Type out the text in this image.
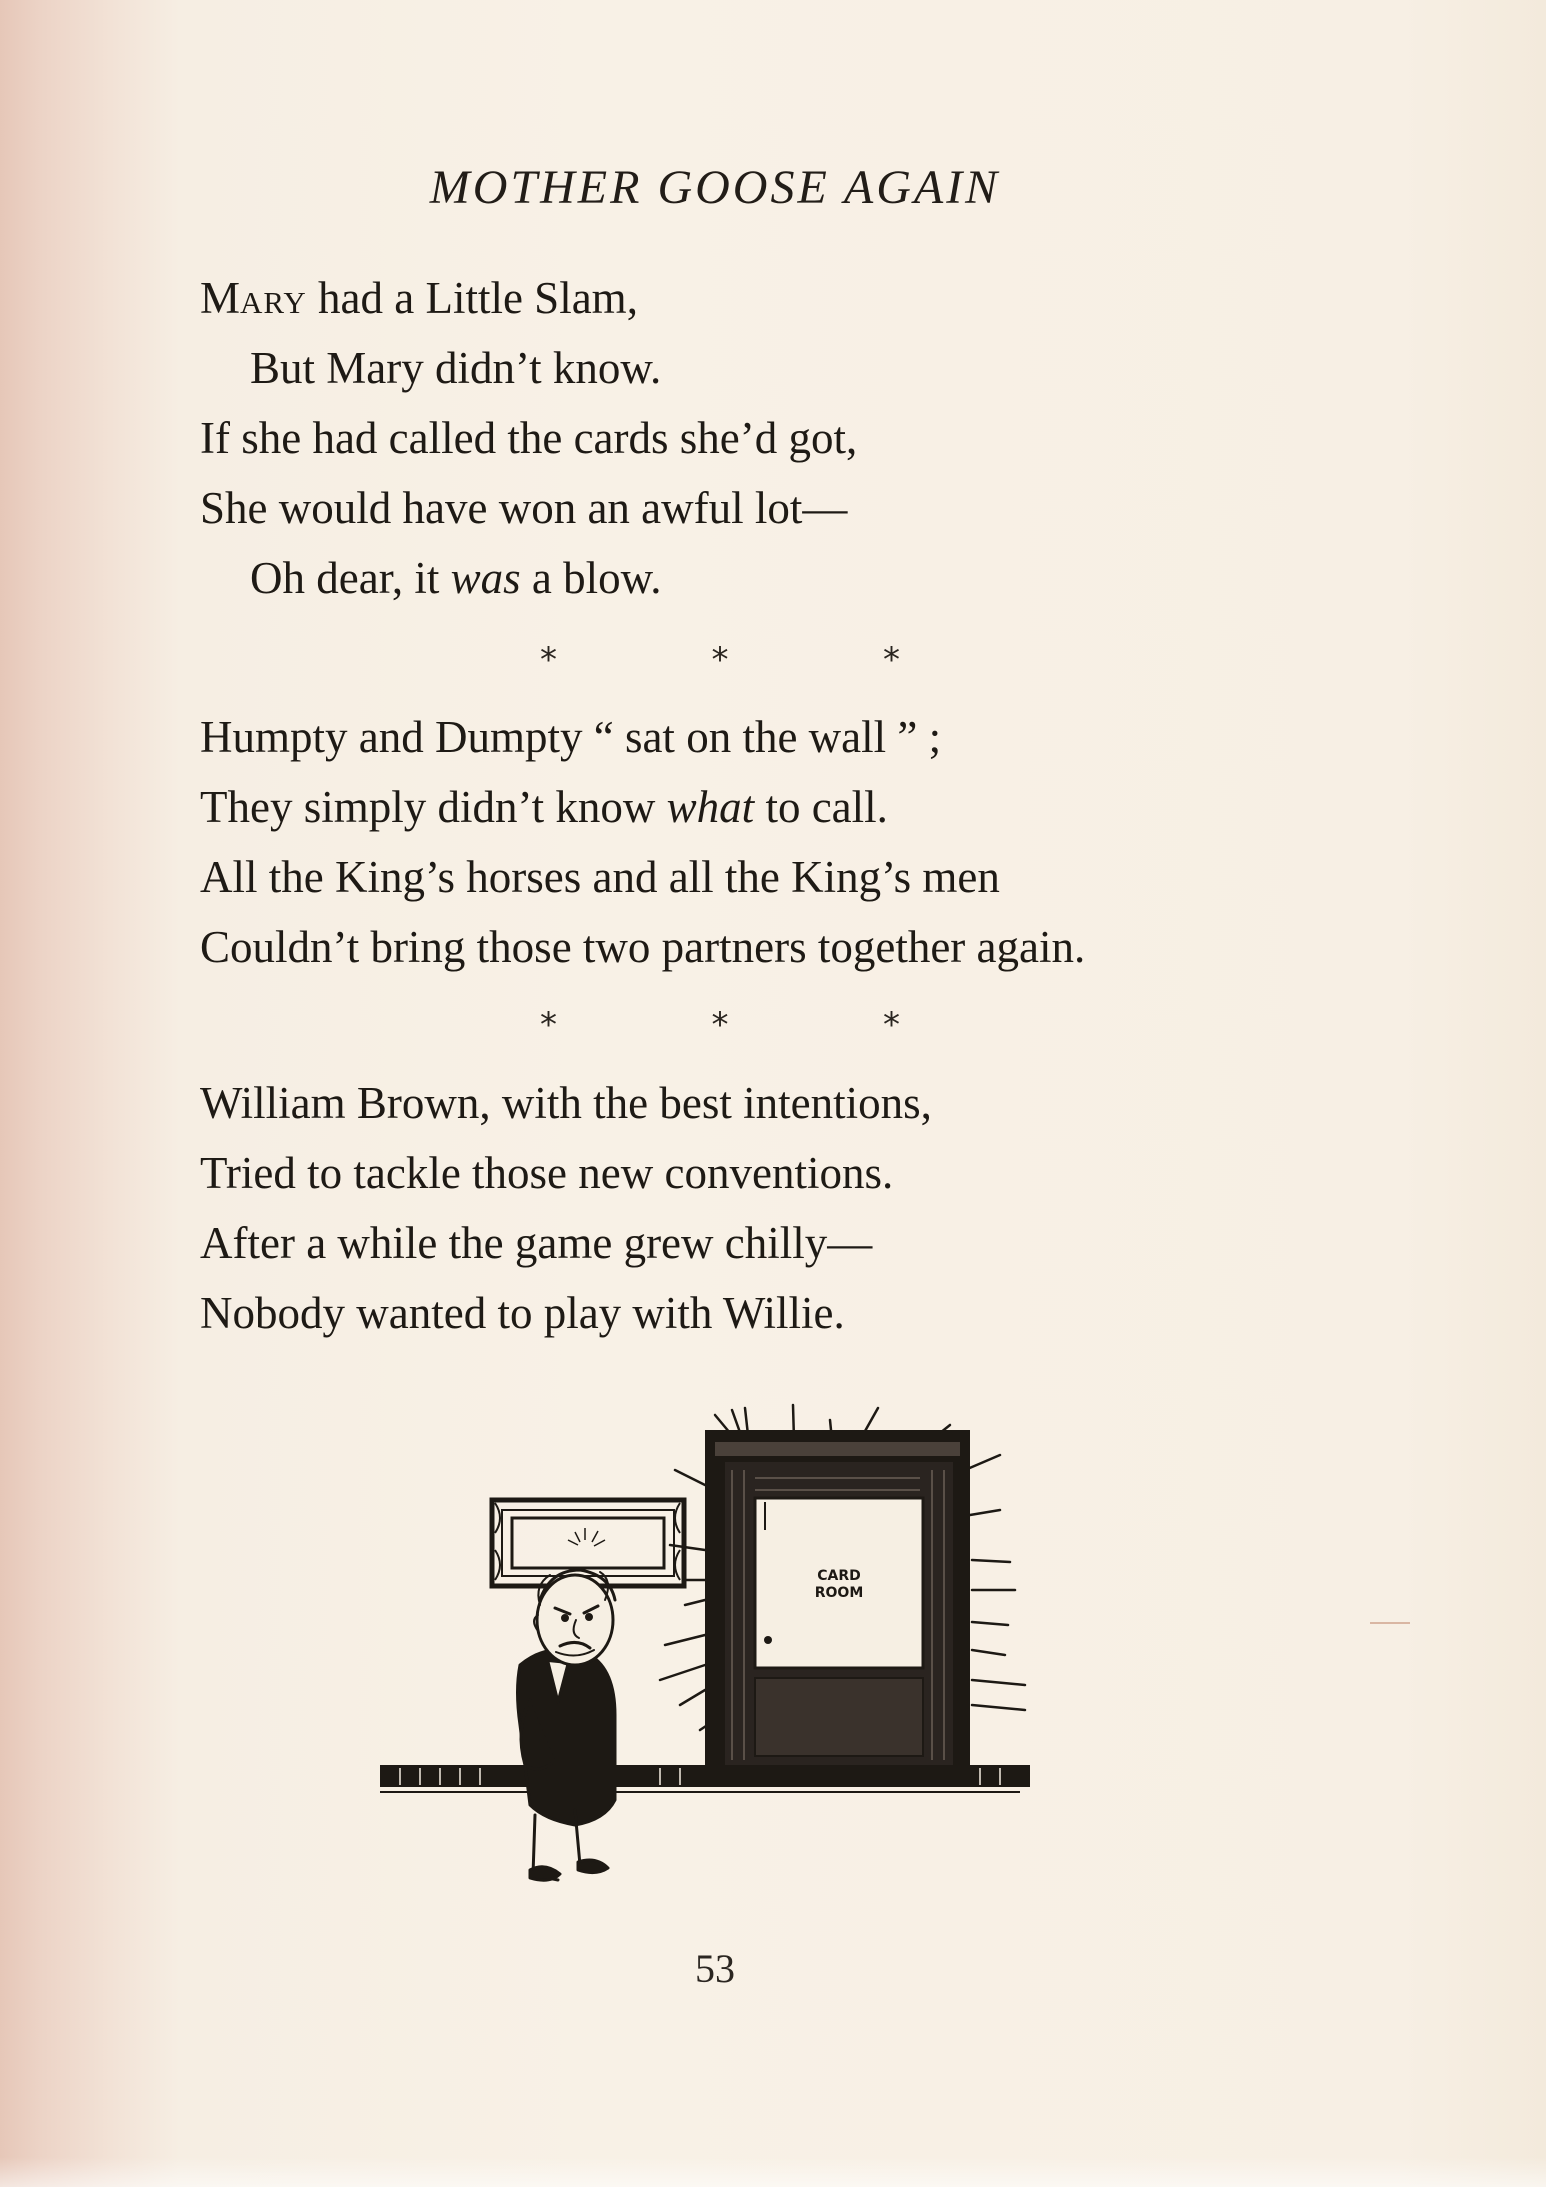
MOTHER GOOSE AGAIN
MARY had a Little Slam,
But Mary didn’t know.
If she had called the cards she’d got,
She would have won an awful lot—
Oh dear, it was a blow.
*	*	*
Humpty and Dumpty “ sat on the wall ” ;
They simply didn’t know what to call.
All the King’s horses and all the King’s men
Couldn’t bring those two partners together again.
*	*	*
William Brown, with the best intentions,
Tried to tackle those new conventions.
After a while the game grew chilly—
Nobody wanted to play with Willie.
CARD
ROOM
53
